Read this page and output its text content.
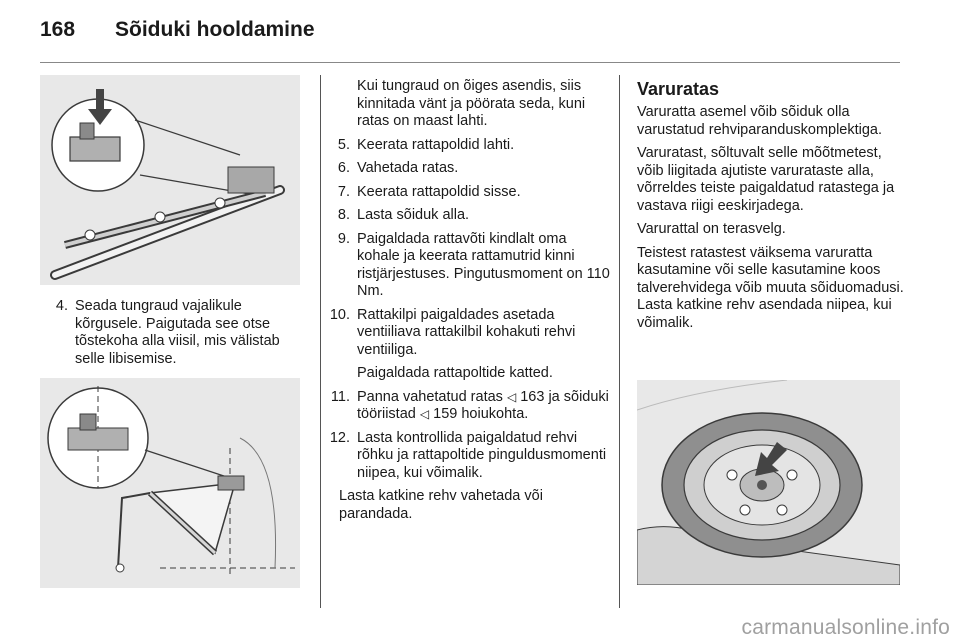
168 Sõiduki hooldamine
4. Seada tungraud vajalikule kõrgusele. Paigutada see otse tõstekoha alla viisil, mis välistab selle libisemise.

Kui tungraud on õiges asendis, siis kinnitada vänt ja pöörata seda, kuni ratas on maast lahti.

5. Keerata rattapoldid lahti.
6. Vahetada ratas.
7. Keerata rattapoldid sisse.
8. Lasta sõiduk alla.
9. Paigaldada rattavõti kindlalt oma kohale ja keerata rattamutrid kinni ristjärjestuses. Pingutusmoment on 110 Nm.
10. Rattakilpi paigaldades asetada ventiiliava rattakilbil kohakuti rehvi ventiiliga.
Paigaldada rattapoltide katted.
11. Panna vahetatud ratas ◁ 163 ja sõiduki tööriistad ◁ 159 hoiukohta.
12. Lasta kontrollida paigaldatud rehvi rõhku ja rattapoltide pinguldusmomenti niipea, kui võimalik.

Lasta katkine rehv vahetada või parandada.

Varuratas

Varuratta asemel võib sõiduk olla varustatud rehviparanduskomplektiga.

Varuratast, sõltuvalt selle mõõtmetest, võib liigitada ajutiste varurataste alla, võrreldes teiste paigaldatud ratastega ja vastava riigi eeskirjadega.

Varurattal on terasvelg.

Teistest ratastest väiksema varuratta kasutamine või selle kasutamine koos talverehvidega võib muuta sõiduomadusi. Lasta katkine rehv asendada niipea, kui võimalik.

carmanualsonline.info
